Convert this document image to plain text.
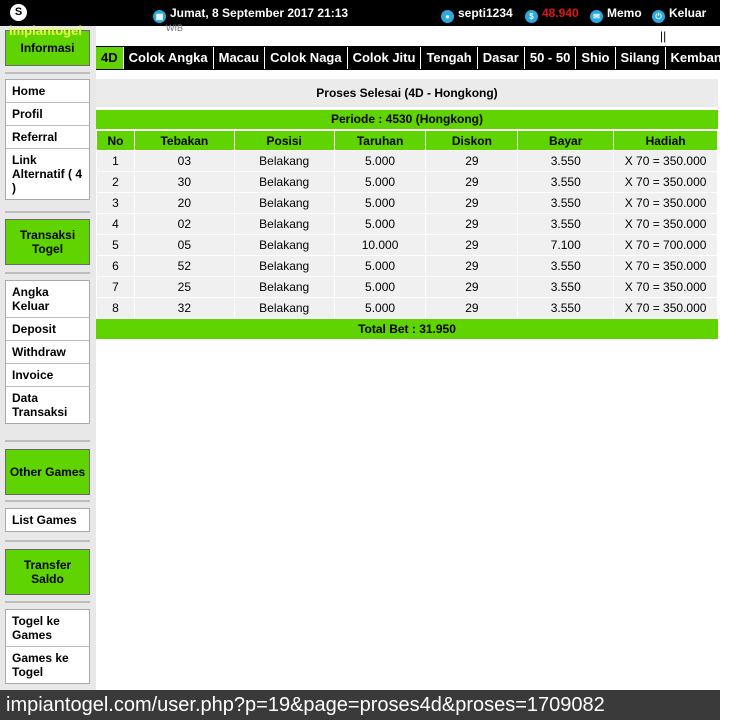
S	▦ Jumat, 8 September 2017 21:13	● septi1234	$ 48.940	✉ Memo	⏻ Keluar
WIB
impiantogel
Informasi
Home
Profil
Referral
Link Alternatif ( 4 )
Transaksi Togel
Angka Keluar
Deposit
Withdraw
Invoice
Data Transaksi
Other Games
List Games
Transfer Saldo
Togel ke Games
Games ke Togel
||
4D Colok Angka Macau Colok Naga Colok Jitu Tengah Dasar 50 - 50 Shio Silang Kembang
Proses Selesai (4D - Hongkong)
Periode : 4530 (Hongkong)
No	Tebakan	Posisi	Taruhan	Diskon	Bayar	Hadiah
1	03	Belakang	5.000	29	3.550	X 70 = 350.000
2	30	Belakang	5.000	29	3.550	X 70 = 350.000
3	20	Belakang	5.000	29	3.550	X 70 = 350.000
4	02	Belakang	5.000	29	3.550	X 70 = 350.000
5	05	Belakang	10.000	29	7.100	X 70 = 700.000
6	52	Belakang	5.000	29	3.550	X 70 = 350.000
7	25	Belakang	5.000	29	3.550	X 70 = 350.000
8	32	Belakang	5.000	29	3.550	X 70 = 350.000
Total Bet : 31.950
impiantogel.com/user.php?p=19&page=proses4d&proses=1709082
